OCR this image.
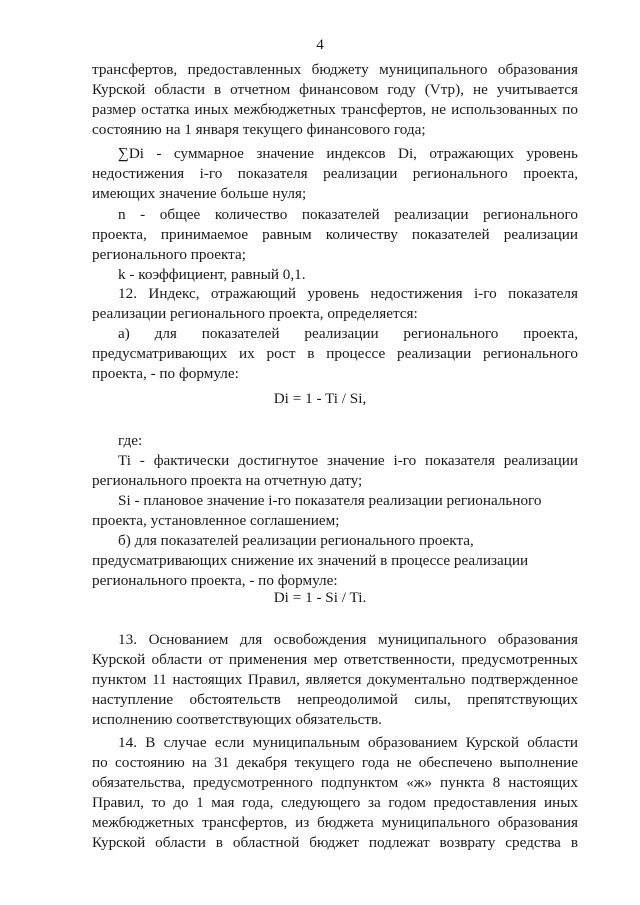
4
трансфертов, предоставленных бюджету муниципального образования
Курской области в отчетном финансовом году (Vтр), не учитывается
размер остатка иных межбюджетных трансфертов, не использованных по
состоянию на 1 января текущего финансового года;
∑Di - суммарное значение индексов Di, отражающих уровень
недостижения i-го показателя реализации регионального проекта,
имеющих значение больше нуля;
n - общее количество показателей реализации регионального
проекта, принимаемое равным количеству показателей реализации
регионального проекта;
k - коэффициент, равный 0,1.
12. Индекс, отражающий уровень недостижения i-го показателя
реализации регионального проекта, определяется:
а) для показателей реализации регионального проекта,
предусматривающих их рост в процессе реализации регионального
проекта, - по формуле:
где:
Ti - фактически достигнутое значение i-го показателя реализации
регионального проекта на отчетную дату;
Si - плановое значение i-го показателя реализации регионального
проекта, установленное соглашением;
б) для показателей реализации регионального проекта,
предусматривающих снижение их значений в процессе реализации
регионального проекта, - по формуле:
13. Основанием для освобождения муниципального образования
Курской области от применения мер ответственности, предусмотренных
пунктом 11 настоящих Правил, является документально подтвержденное
наступление обстоятельств непреодолимой силы, препятствующих
исполнению соответствующих обязательств.
14. В случае если муниципальным образованием Курской области
по состоянию на 31 декабря текущего года не обеспечено выполнение
обязательства, предусмотренного подпунктом «ж» пункта 8 настоящих
Правил, то до 1 мая года, следующего за годом предоставления иных
межбюджетных трансфертов, из бюджета муниципального образования
Курской области в областной бюджет подлежат возврату средства в
Di = 1 - Ti / Si,
Di = 1 - Si / Ti.
